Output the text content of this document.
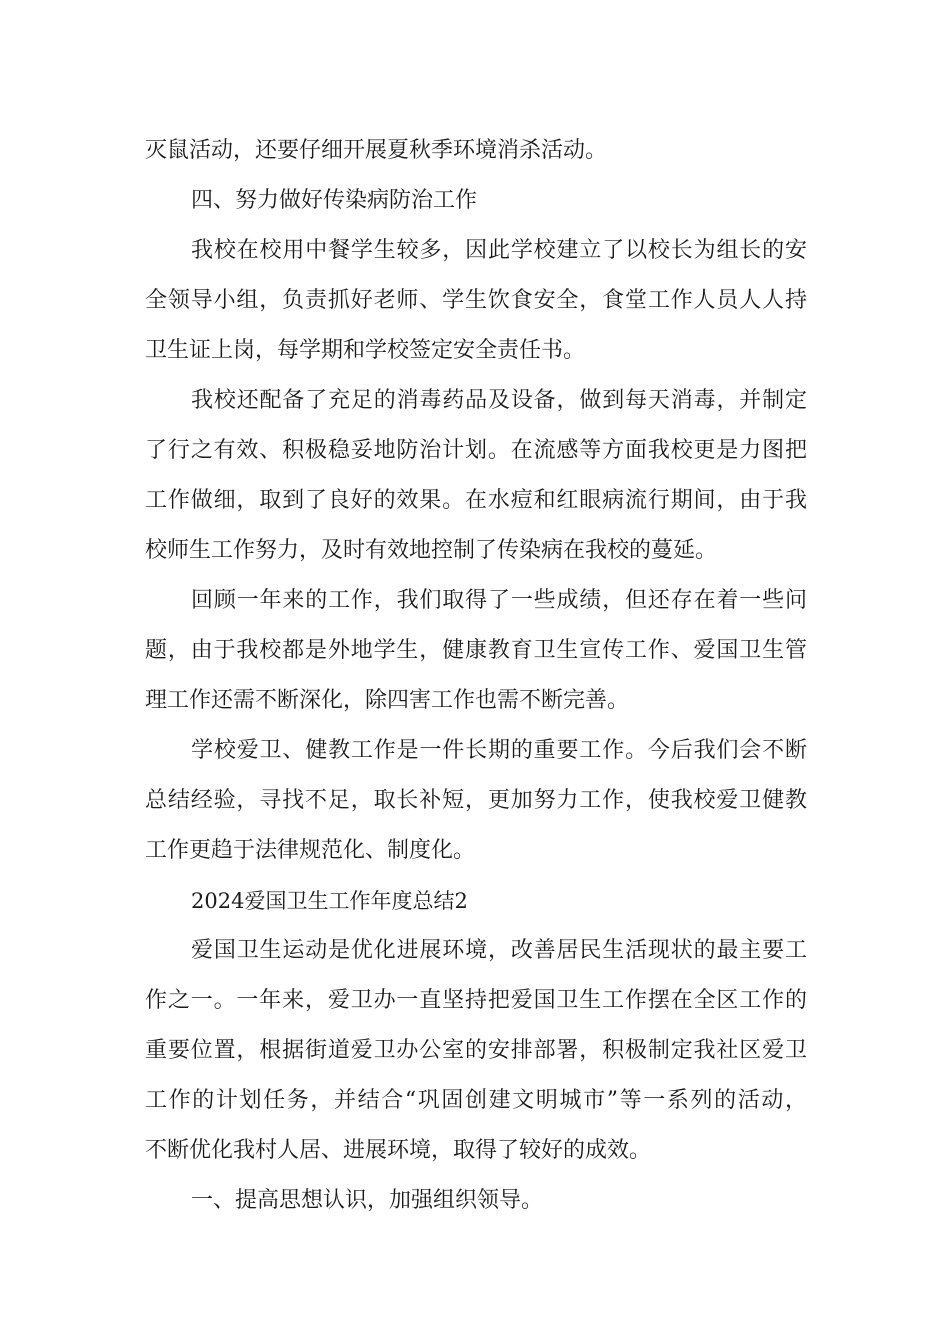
灭鼠活动，还要仔细开展夏秋季环境消杀活动。
四、努力做好传染病防治工作
我校在校用中餐学生较多，因此学校建立了以校长为组长的安
全领导小组，负责抓好老师、学生饮食安全，食堂工作人员人人持
卫生证上岗，每学期和学校签定安全责任书。
我校还配备了充足的消毒药品及设备，做到每天消毒，并制定
了行之有效、积极稳妥地防治计划。在流感等方面我校更是力图把
工作做细，取到了良好的效果。在水痘和红眼病流行期间，由于我
校师生工作努力，及时有效地控制了传染病在我校的蔓延。
回顾一年来的工作，我们取得了一些成绩，但还存在着一些问
题，由于我校都是外地学生，健康教育卫生宣传工作、爱国卫生管
理工作还需不断深化，除四害工作也需不断完善。
学校爱卫、健教工作是一件长期的重要工作。今后我们会不断
总结经验，寻找不足，取长补短，更加努力工作，使我校爱卫健教
工作更趋于法律规范化、制度化。
2024爱国卫生工作年度总结2
爱国卫生运动是优化进展环境，改善居民生活现状的最主要工
作之一。一年来，爱卫办一直坚持把爱国卫生工作摆在全区工作的
重要位置，根据街道爱卫办公室的安排部署，积极制定我社区爱卫
工作的计划任务，并结合“巩固创建文明城市”等一系列的活动，
不断优化我村人居、进展环境，取得了较好的成效。
一、提高思想认识，加强组织领导。
